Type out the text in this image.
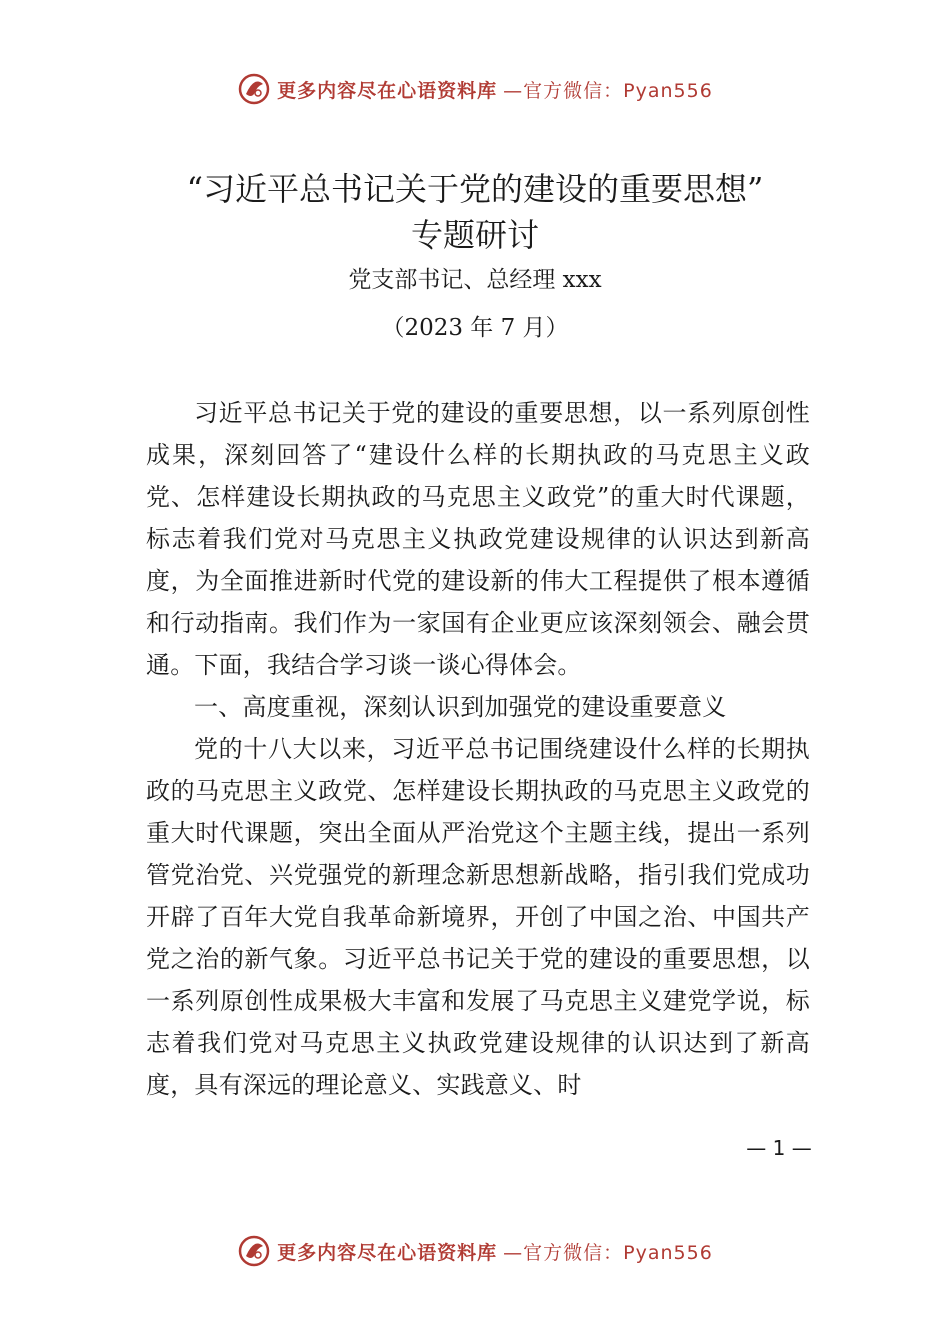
更多内容尽在心语资料库 —官方微信：Pyan556
“习近平总书记关于党的建设的重要思想”
专题研讨
党支部书记、总经理 xxx
（2023 年 7 月）

习近平总书记关于党的建设的重要思想，以一系列原创性成果，深刻回答了“建设什么样的长期执政的马克思主义政党、怎样建设长期执政的马克思主义政党”的重大时代课题，标志着我们党对马克思主义执政党建设规律的认识达到新高度，为全面推进新时代党的建设新的伟大工程提供了根本遵循和行动指南。我们作为一家国有企业更应该深刻领会、融会贯通。下面，我结合学习谈一谈心得体会。

一、高度重视，深刻认识到加强党的建设重要意义

党的十八大以来，习近平总书记围绕建设什么样的长期执政的马克思主义政党、怎样建设长期执政的马克思主义政党的重大时代课题，突出全面从严治党这个主题主线，提出一系列管党治党、兴党强党的新理念新思想新战略，指引我们党成功开辟了百年大党自我革命新境界，开创了中国之治、中国共产党之治的新气象。习近平总书记关于党的建设的重要思想，以一系列原创性成果极大丰富和发展了马克思主义建党学说，标志着我们党对马克思主义执政党建设规律的认识达到了新高度，具有深远的理论意义、实践意义、时

— 1 —
更多内容尽在心语资料库 —官方微信：Pyan556
